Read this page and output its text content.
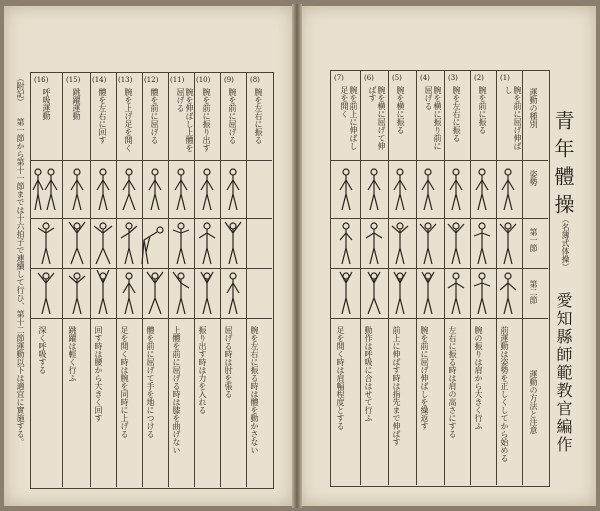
運動の種別
姿勢
第一節
第二節
運動の方法と注意
青年體操
（名簿式体操）
愛知縣師範教官編作
(1)
(2)
(3)
(4)
(5)
(6)
(7)
腕を前に屈げ伸ばし
腕を前に振る
腕を左右に振る
腕を横に振り前に屈げる
腕を横に振る
腕を横に屈げて伸ばす
腕を前上に伸ばし足を開く
前運動は姿勢を正しくしてから始める
腕の振りは肩から大きく行ふ
左右に振る時は肩の高さにする
腕を前に屈げ伸ばしを繰返す
前上に伸ばす時は指先まで伸ばす
動作は呼吸に合はせて行ふ
足を開く時は肩幅程度とする
(8)
(9)
(10)
(11)
(12)
(13)
(14)
(15)
(16)
腕を左右に振る
腕を前に屈げる
腕を前に振り出す
腕を伸ばし上體を屈げる
體を前に屈げる
腕を上げ足を開く
體を左右に回す
跳躍運動
呼吸運動
腕を左右に振る時は體を動かさない
屈げる時は肘を張る
振り出す時は力を入れる
上體を前に屈げる時は膝を曲げない
體を前に屈げて手を地につける
足を開く時は腕を同時に上げる
回す時は腰から大きく回す
跳躍は輕く行ふ
深く呼吸する
（附記）
第一節から第十一節までは十六拍子で連續して行ひ、第十二節運動以下は適宜に實施する。
